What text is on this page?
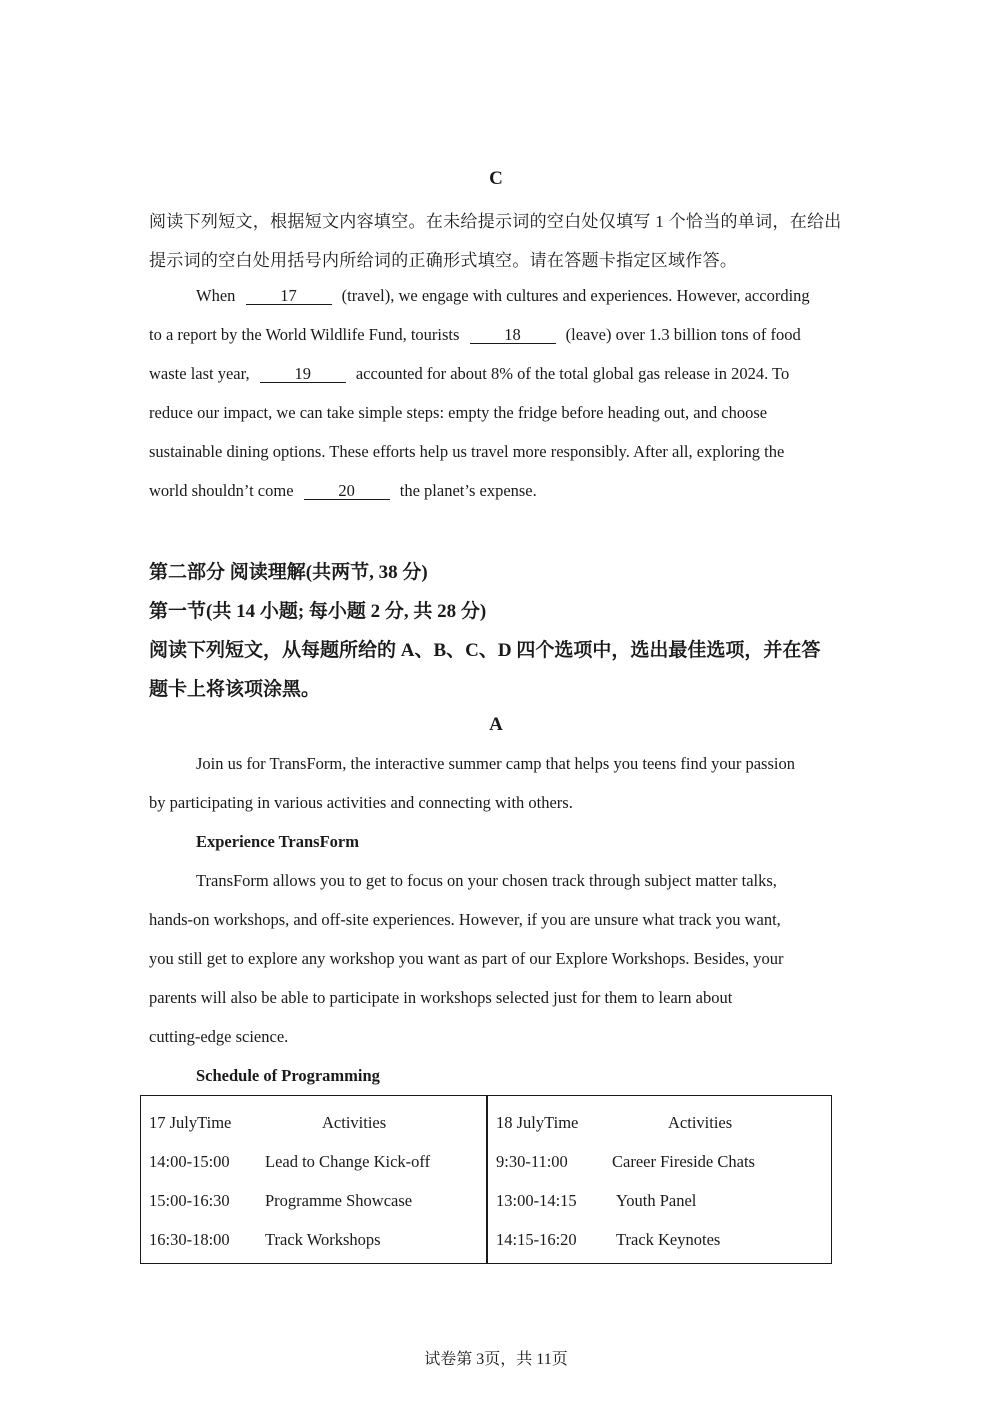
C
阅读下列短文，根据短文内容填空。在未给提示词的空白处仅填写 1 个恰当的单词，在给出
提示词的空白处用括号内所给词的正确形式填空。请在答题卡指定区域作答。
When	17	(travel), we engage with cultures and experiences. However, according
to a report by the World Wildlife Fund, tourists	18	(leave) over 1.3 billion tons of food
waste last year,	19	accounted for about 8% of the total global gas release in 2024. To
reduce our impact, we can take simple steps: empty the fridge before heading out, and choose
sustainable dining options. These efforts help us travel more responsibly. After all, exploring the
world shouldn’t come	20	the planet’s expense.
第二部分 阅读理解(共两节, 38 分)
第一节(共 14 小题; 每小题 2 分, 共 28 分)
阅读下列短文，从每题所给的 A、B、C、D 四个选项中，选出最佳选项，并在答
题卡上将该项涂黑。
A
Join us for TransForm, the interactive summer camp that helps you teens find your passion
by participating in various activities and connecting with others.
Experience TransForm
TransForm allows you to get to focus on your chosen track through subject matter talks,
hands-on workshops, and off-site experiences. However, if you are unsure what track you want,
you still get to explore any workshop you want as part of our Explore Workshops. Besides, your
parents will also be able to participate in workshops selected just for them to learn about
cutting-edge science.
Schedule of Programming
17 JulyTime	Activities
14:00-15:00 Lead to Change Kick-off
15:00-16:30 Programme Showcase
16:30-18:00 Track Workshops
18 JulyTime	Activities
9:30-11:00	Career Fireside Chats
13:00-14:15 Youth Panel
14:15-16:20 Track Keynotes
试卷第 3页，共 11页
